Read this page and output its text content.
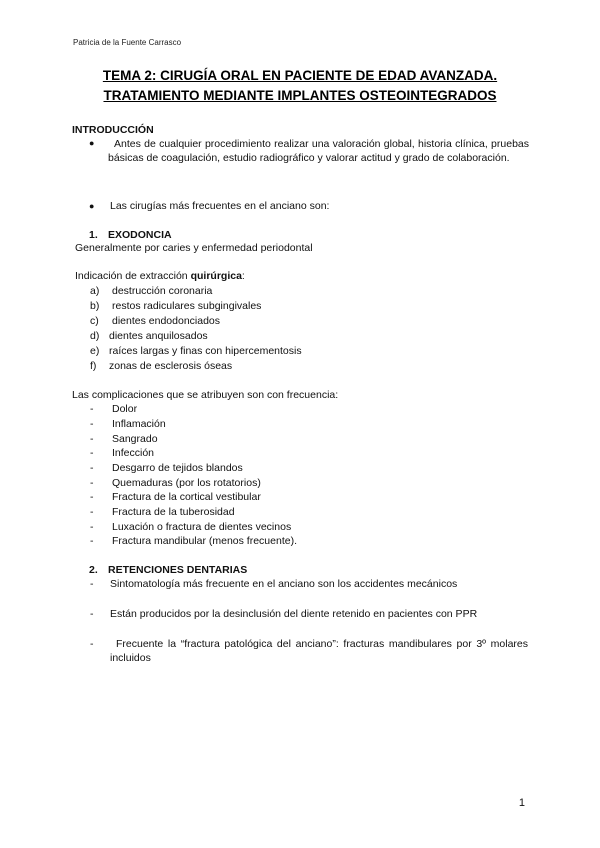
Patricia de la Fuente Carrasco
TEMA 2: CIRUGÍA ORAL EN PACIENTE DE EDAD AVANZADA.
TRATAMIENTO MEDIANTE IMPLANTES OSTEOINTEGRADOS
INTRODUCCIÓN
●	Antes de cualquier procedimiento realizar una valoración global, historia clínica, pruebas básicas de coagulación, estudio radiográfico y valorar actitud y grado de colaboración.
● Las cirugías más frecuentes en el anciano son:
1. EXODONCIA
Generalmente por caries y enfermedad periodontal
Indicación de extracción quirúrgica:
a) destrucción coronaria
b) restos radiculares subgingivales
c) dientes endodonciados
d) dientes anquilosados
e) raíces largas y finas con hipercementosis
f) zonas de esclerosis óseas
Las complicaciones que se atribuyen son con frecuencia:
- Dolor
- Inflamación
- Sangrado
- Infección
- Desgarro de tejidos blandos
- Quemaduras (por los rotatorios)
- Fractura de la cortical vestibular
- Fractura de la tuberosidad
- Luxación o fractura de dientes vecinos
- Fractura mandibular (menos frecuente).
2. RETENCIONES DENTARIAS
- Sintomatología más frecuente en el anciano son los accidentes mecánicos
- Están producidos por la desinclusión del diente retenido en pacientes con PPR
-	Frecuente la “fractura patológica del anciano”: fracturas mandibulares por 3º molares incluidos
1
